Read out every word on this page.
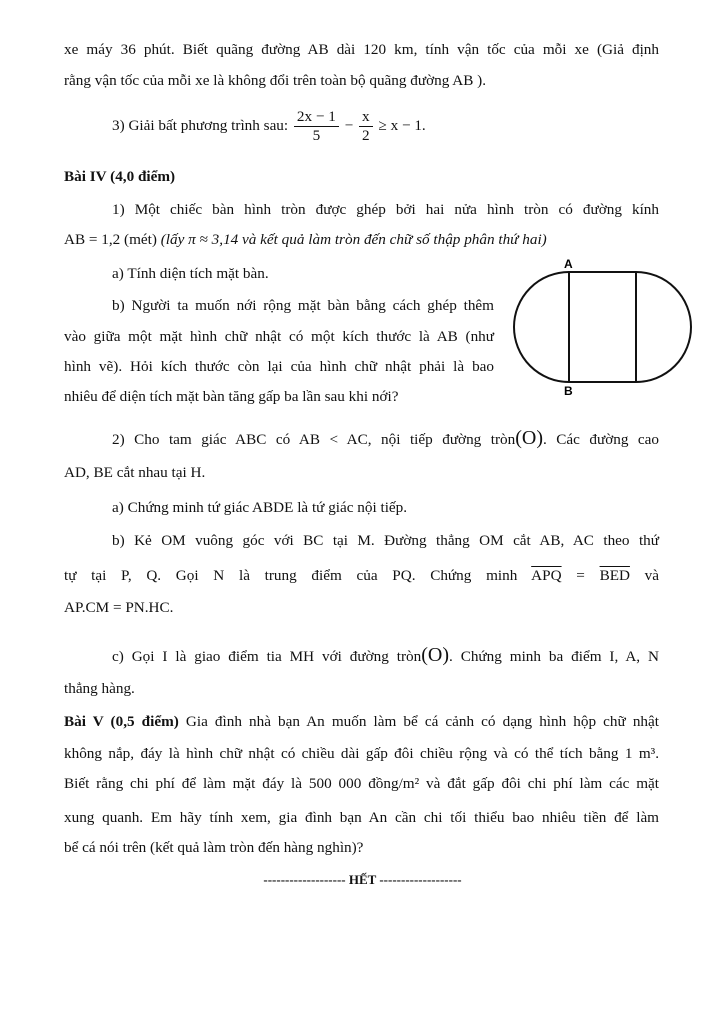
xe máy 36 phút. Biết quãng đường AB dài 120 km, tính vận tốc của mỗi xe (Giả định
rằng vận tốc của mỗi xe là không đổi trên toàn bộ quãng đường AB ).
3) Giải bất phương trình sau: $\frac{2x - 1}{5} - \frac{x}{2} \ge x - 1$.
Bài IV (4,0 điểm)
1) Một chiếc bàn hình tròn được ghép bởi hai nửa hình tròn có đường kính
AB = 1,2 (mét) (lấy π ≈ 3,14 và kết quả làm tròn đến chữ số thập phân thứ hai)
a) Tính diện tích mặt bàn.
b) Người ta muốn nới rộng mặt bàn bằng cách ghép thêm
vào giữa một mặt hình chữ nhật có một kích thước là AB (như
hình vẽ). Hỏi kích thước còn lại của hình chữ nhật phải là bao
nhiêu để diện tích mặt bàn tăng gấp ba lần sau khi nới?
A
B
2) Cho tam giác ABC có AB < AC, nội tiếp đường tròn(O). Các đường cao
AD, BE cắt nhau tại H.
a) Chứng minh tứ giác ABDE là tứ giác nội tiếp.
b) Kẻ OM vuông góc với BC tại M. Đường thẳng OM cắt AB, AC theo thứ
tự tại P, Q. Gọi N là trung điểm của PQ. Chứng minh $\overline{APQ} = \overline{BED}$ và
AP.CM = PN.HC.
c) Gọi I là giao điểm tia MH với đường tròn(O). Chứng minh ba điểm I, A, N
thẳng hàng.
Bài V (0,5 điểm) Gia đình nhà bạn An muốn làm bể cá cảnh có dạng hình hộp chữ nhật
không nắp, đáy là hình chữ nhật có chiều dài gấp đôi chiều rộng và có thể tích bằng 1 m³.
Biết rằng chi phí để làm mặt đáy là 500 000 đồng/m² và đắt gấp đôi chi phí làm các mặt
xung quanh. Em hãy tính xem, gia đình bạn An cần chi tối thiểu bao nhiêu tiền để làm
bể cá nói trên (kết quả làm tròn đến hàng nghìn)?
------------------- HẾT -------------------
